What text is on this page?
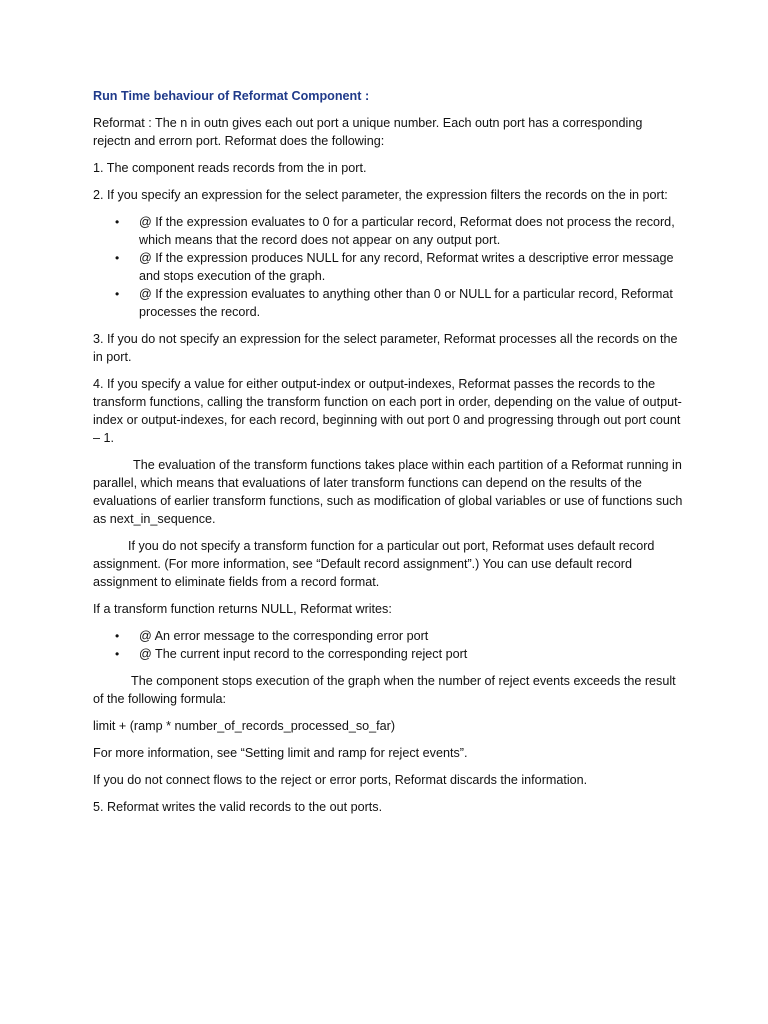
Run Time behaviour of Reformat Component :

Reformat : The n in outn gives each out port a unique number. Each outn port has a corresponding rejectn and errorn port. Reformat does the following:

1. The component reads records from the in port.

2. If you specify an expression for the select parameter, the expression filters the records on the in port:

• @ If the expression evaluates to 0 for a particular record, Reformat does not process the record, which means that the record does not appear on any output port.
• @ If the expression produces NULL for any record, Reformat writes a descriptive error message and stops execution of the graph.
• @ If the expression evaluates to anything other than 0 or NULL for a particular record, Reformat processes the record.

3. If you do not specify an expression for the select parameter, Reformat processes all the records on the in port.

4. If you specify a value for either output-index or output-indexes, Reformat passes the records to the transform functions, calling the transform function on each port in order, depending on the value of output-index or output-indexes, for each record, beginning with out port 0 and progressing through out port count – 1.

The evaluation of the transform functions takes place within each partition of a Reformat running in parallel, which means that evaluations of later transform functions can depend on the results of the evaluations of earlier transform functions, such as modification of global variables or use of functions such as next_in_sequence.

If you do not specify a transform function for a particular out port, Reformat uses default record assignment. (For more information, see “Default record assignment”.) You can use default record assignment to eliminate fields from a record format.

If a transform function returns NULL, Reformat writes:

• @ An error message to the corresponding error port
• @ The current input record to the corresponding reject port

The component stops execution of the graph when the number of reject events exceeds the result of the following formula:

limit + (ramp * number_of_records_processed_so_far)

For more information, see “Setting limit and ramp for reject events”.

If you do not connect flows to the reject or error ports, Reformat discards the information.

5. Reformat writes the valid records to the out ports.
